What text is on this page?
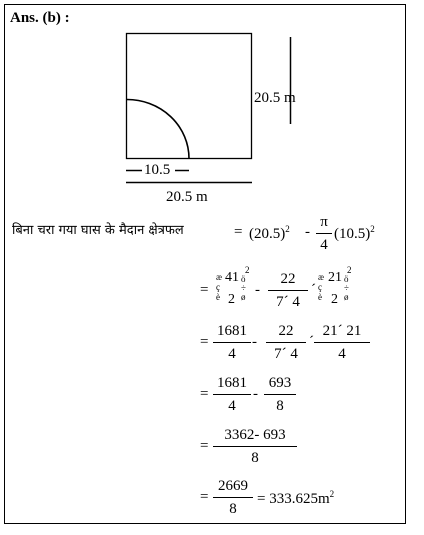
Ans. (b) :
20.5 m
10.5
20.5 m
बिना चरा गया घास के मैदान क्षेत्रफल	= $(20.5)^2 - \frac{\pi}{4} (10.5)^2$
=
æ 41 2
ö
ç ÷
è 2 ø - $\frac{22}{7´ 4}$ ´
æ 21 2
ö
ç ÷
è 2 ø
= $\frac{1681}{4} - \frac{22}{7´ 4}$ ´ $\frac{21´ 21}{4}$
= $\frac{1681}{4} - \frac{693}{8}$
= $\frac{3362- 693}{8}$
= $\frac{2669}{8} = 333.625m^2$
